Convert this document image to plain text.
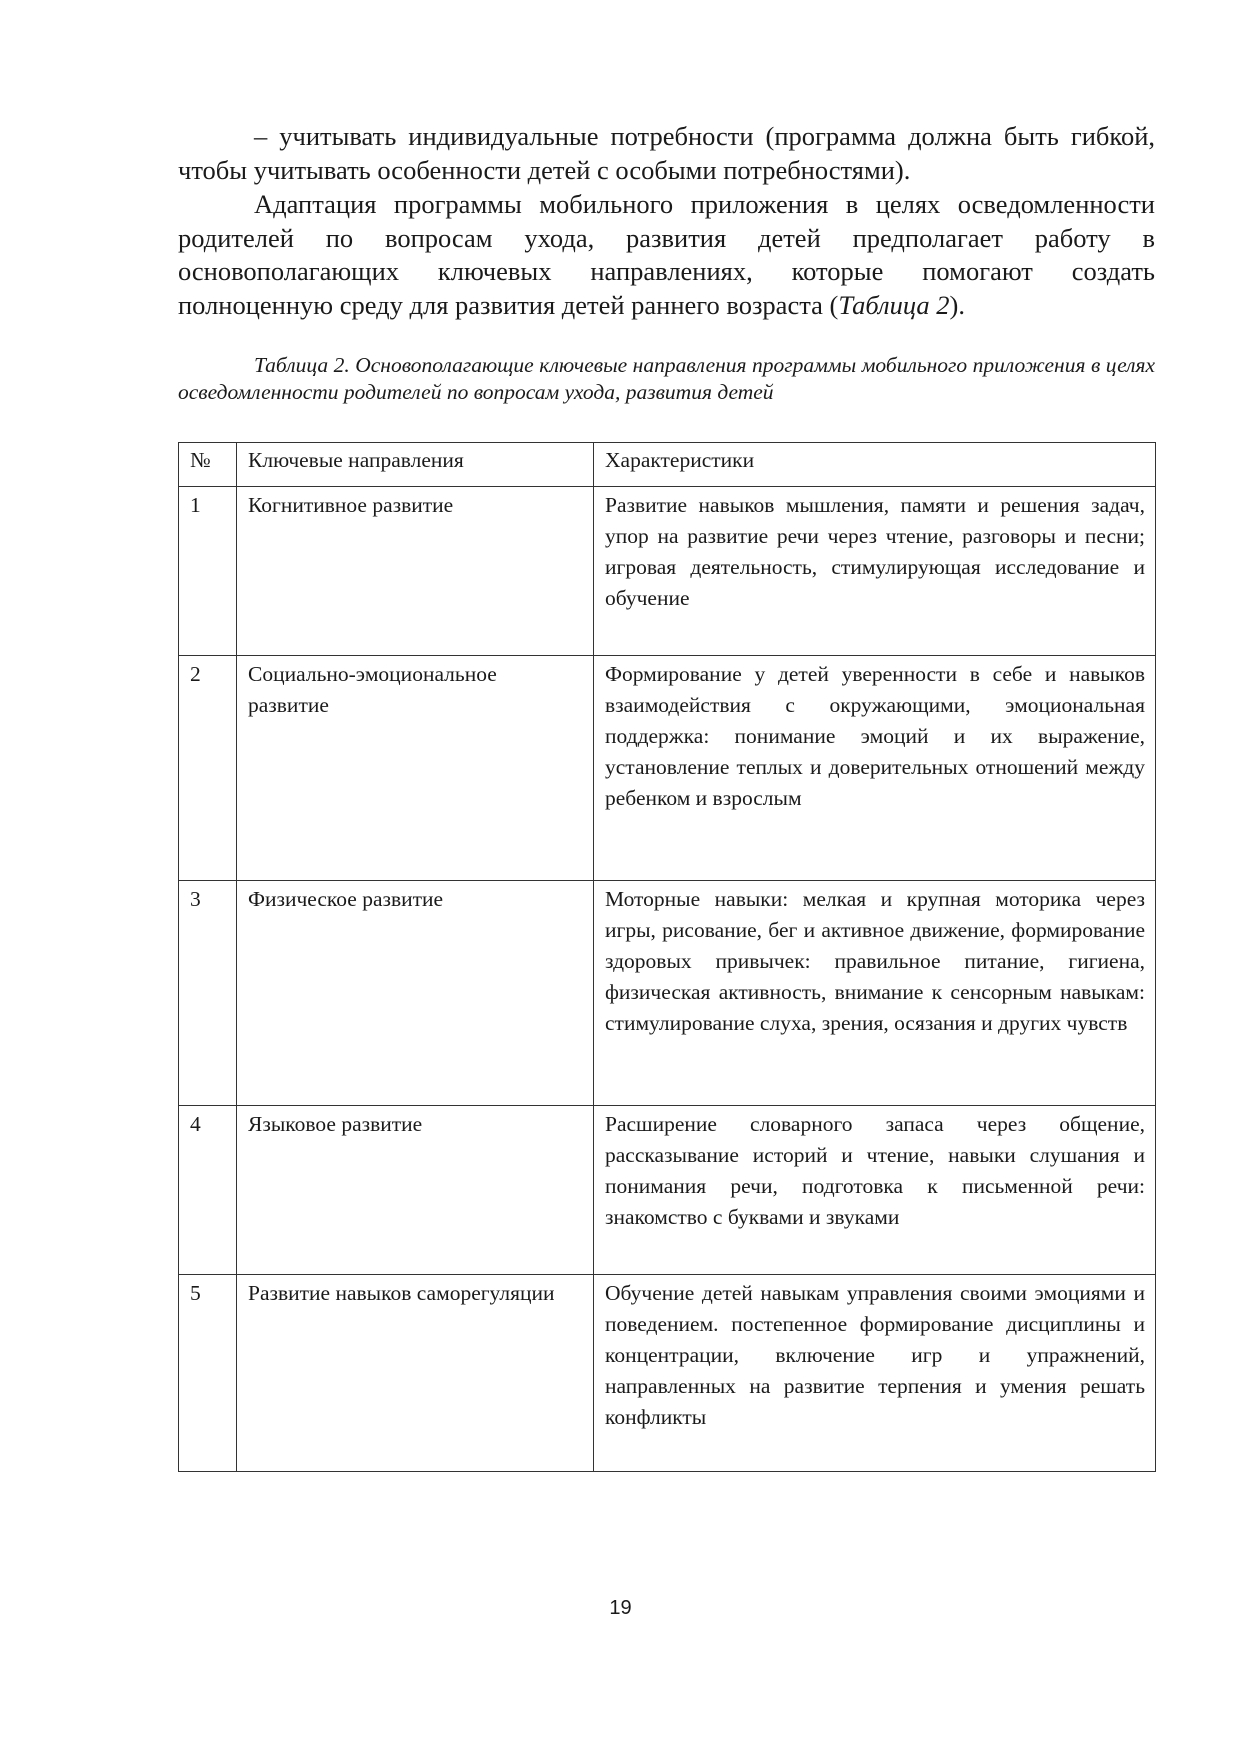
– учитывать индивидуальные потребности (программа должна быть гибкой, чтобы учитывать особенности детей с особыми потребностями).
Адаптация программы мобильного приложения в целях осведомленности родителей по вопросам ухода, развития детей предполагает работу в основополагающих ключевых направлениях, которые помогают создать полноценную среду для развития детей раннего возраста (Таблица 2).
Таблица 2. Основополагающие ключевые направления программы мобильного приложения в целях осведомленности родителей по вопросам ухода, развития детей
№	Ключевые направления	Характеристики
1	Когнитивное развитие	Развитие навыков мышления, памяти и решения задач, упор на развитие речи через чтение, разговоры и песни; игровая деятельность, стимулирующая исследование и обучение
2	Социально-эмоциональное развитие	Формирование у детей уверенности в себе и навыков взаимодействия с окружающими, эмоциональная поддержка: понимание эмоций и их выражение, установление теплых и доверительных отношений между ребенком и взрослым
3	Физическое развитие	Моторные навыки: мелкая и крупная моторика через игры, рисование, бег и активное движение, формирование здоровых привычек: правильное питание, гигиена, физическая активность, внимание к сенсорным навыкам: стимулирование слуха, зрения, осязания и других чувств
4	Языковое развитие	Расширение словарного запаса через общение, рассказывание историй и чтение, навыки слушания и понимания речи, подготовка к письменной речи: знакомство с буквами и звуками
5	Развитие навыков саморегуляции	Обучение детей навыкам управления своими эмоциями и поведением. постепенное формирование дисциплины и концентрации, включение игр и упражнений, направленных на развитие терпения и умения решать конфликты
19
